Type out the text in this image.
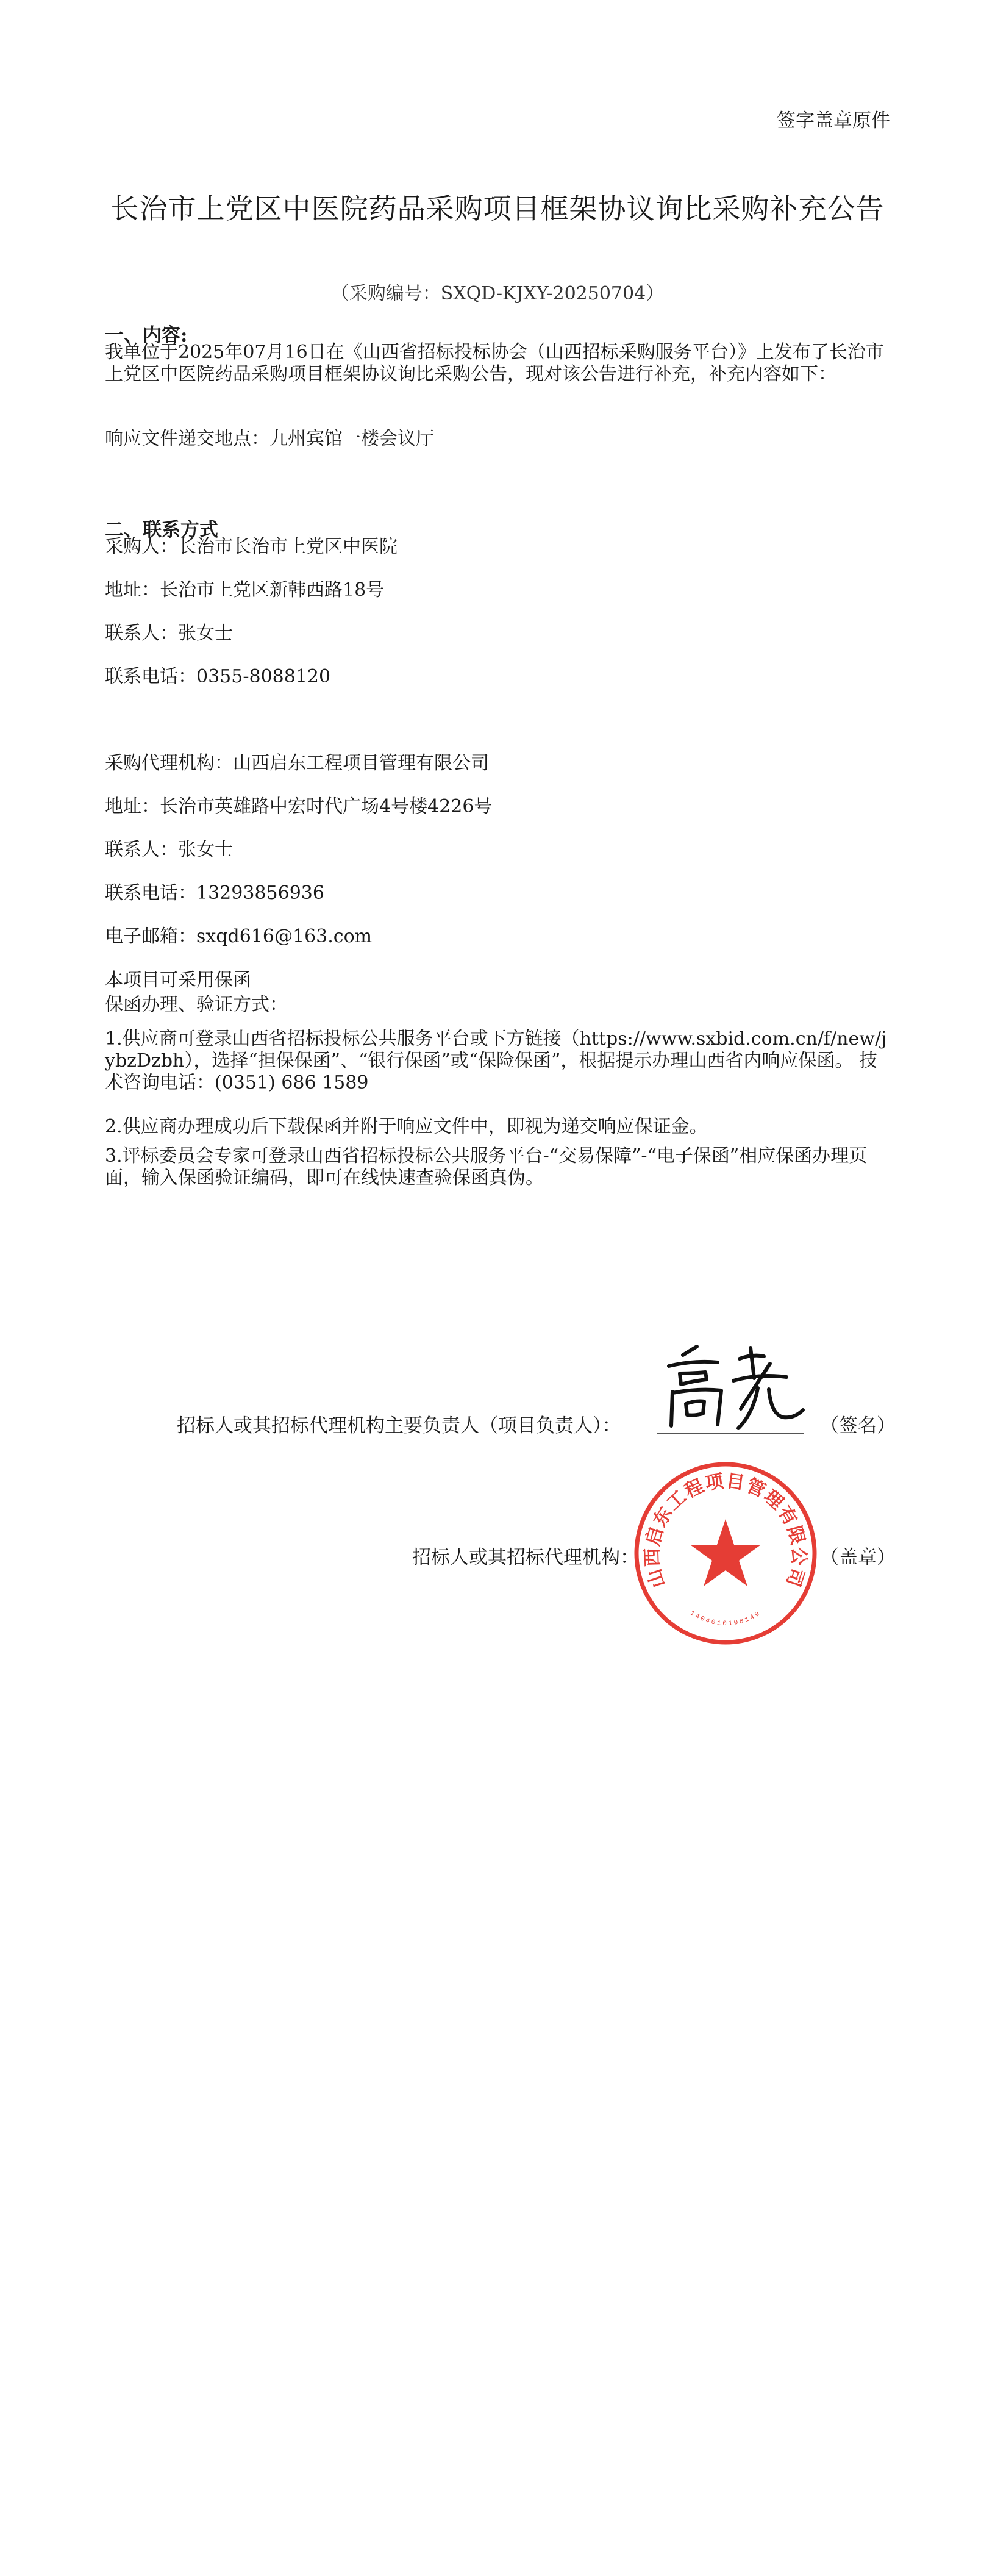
签字盖章原件
长治市上党区中医院药品采购项目框架协议询比采购补充公告
（采购编号：SXQD-KJXY-20250704）
一、内容:
我单位于2025年07月16日在《山西省招标投标协会（山西招标采购服务平台）》上发布了长治市上党区中医院药品采购项目框架协议询比采购公告，现对该公告进行补充，补充内容如下：
响应文件递交地点：九州宾馆一楼会议厅
二、联系方式
采购人：长治市长治市上党区中医院
地址：长治市上党区新韩西路18号
联系人：张女士
联系电话：0355-8088120
采购代理机构：山西启东工程项目管理有限公司
地址：长治市英雄路中宏时代广场4号楼4226号
联系人：张女士
联系电话：13293856936
电子邮箱：sxqd616@163.com
本项目可采用保函
保函办理、验证方式：
1.供应商可登录山西省招标投标公共服务平台或下方链接（https://www.sxbid.com.cn/f/new/jybzDzbh），选择“担保保函”、“银行保函”或“保险保函”，根据提示办理山西省内响应保函。 技术咨询电话：(0351) 686 1589
2.供应商办理成功后下载保函并附于响应文件中，即视为递交响应保证金。
3.评标委员会专家可登录山西省招标投标公共服务平台-“交易保障”-“电子保函”相应保函办理页面，输入保函验证编码，即可在线快速查验保函真伪。
招标人或其招标代理机构主要负责人（项目负责人）：	（签名）
招标人或其招标代理机构：	（盖章）
山西启东工程项目管理有限公司
1404010108149
